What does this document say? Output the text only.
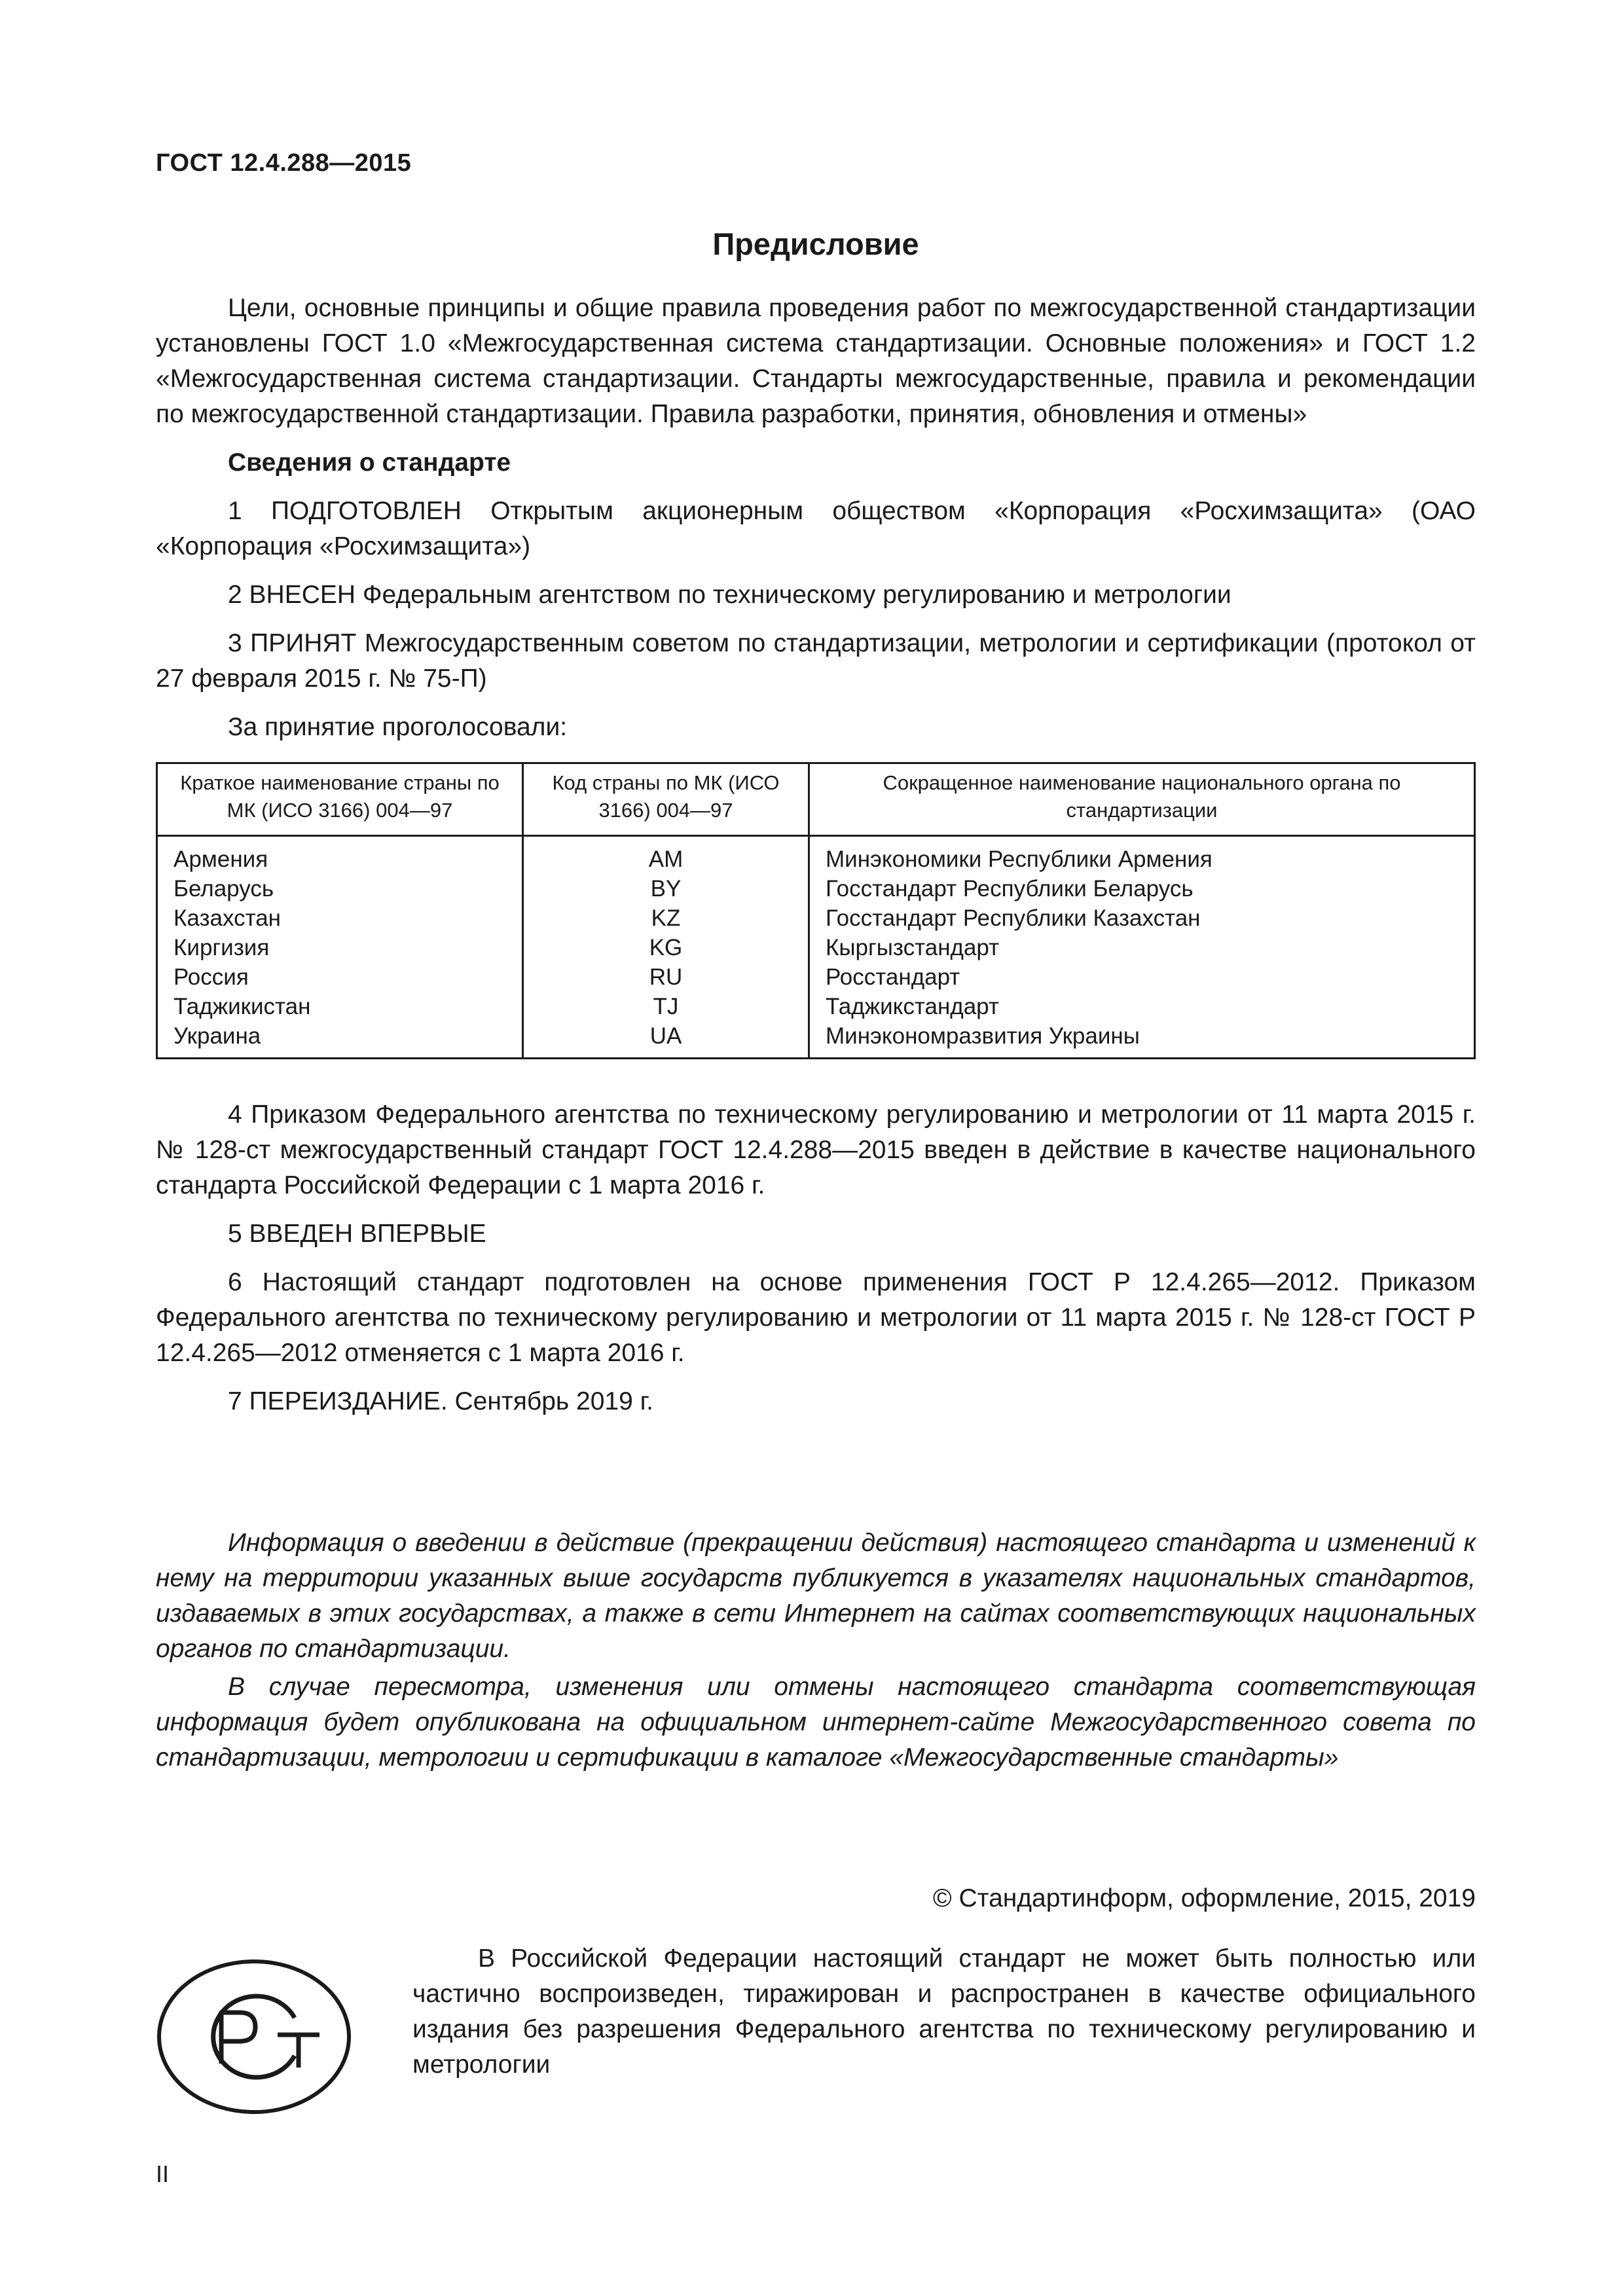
ГОСТ 12.4.288—2015
Предисловие

Цели, основные принципы и общие правила проведения работ по межгосударственной стандартизации установлены ГОСТ 1.0 «Межгосударственная система стандартизации. Основные положения» и ГОСТ 1.2 «Межгосударственная система стандартизации. Стандарты межгосударственные, правила и рекомендации по межгосударственной стандартизации. Правила разработки, принятия, обновления и отмены»

Сведения о стандарте

1 ПОДГОТОВЛЕН Открытым акционерным обществом «Корпорация «Росхимзащита» (ОАО «Корпорация «Росхимзащита»)

2 ВНЕСЕН Федеральным агентством по техническому регулированию и метрологии

3 ПРИНЯТ Межгосударственным советом по стандартизации, метрологии и сертификации (протокол от 27 февраля 2015 г. № 75-П)

За принятие проголосовали:
Краткое наименование страны по МК (ИСО 3166) 004—97	Код страны по МК (ИСО 3166) 004—97	Сокращенное наименование национального органа по стандартизации
Армения	AM	Минэкономики Республики Армения
Беларусь	BY	Госстандарт Республики Беларусь
Казахстан	KZ	Госстандарт Республики Казахстан
Киргизия	KG	Кыргызстандарт
Россия	RU	Росстандарт
Таджикистан	TJ	Таджикстандарт
Украина	UA	Минэкономразвития Украины

4 Приказом Федерального агентства по техническому регулированию и метрологии от 11 марта 2015 г. № 128-ст межгосударственный стандарт ГОСТ 12.4.288—2015 введен в действие в качестве национального стандарта Российской Федерации с 1 марта 2016 г.

5 ВВЕДЕН ВПЕРВЫЕ

6 Настоящий стандарт подготовлен на основе применения ГОСТ Р 12.4.265—2012. Приказом Федерального агентства по техническому регулированию и метрологии от 11 марта 2015 г. № 128-ст ГОСТ Р 12.4.265—2012 отменяется с 1 марта 2016 г.

7 ПЕРЕИЗДАНИЕ. Сентябрь 2019 г.

Информация о введении в действие (прекращении действия) настоящего стандарта и изменений к нему на территории указанных выше государств публикуется в указателях национальных стандартов, издаваемых в этих государствах, а также в сети Интернет на сайтах соответствующих национальных органов по стандартизации.

В случае пересмотра, изменения или отмены настоящего стандарта соответствующая информация будет опубликована на официальном интернет-сайте Межгосударственного совета по стандартизации, метрологии и сертификации в каталоге «Межгосударственные стандарты»

© Стандартинформ, оформление, 2015, 2019

В Российской Федерации настоящий стандарт не может быть полностью или частично воспроизведен, тиражирован и распространен в качестве официального издания без разрешения Федерального агентства по техническому регулированию и метрологии

II
